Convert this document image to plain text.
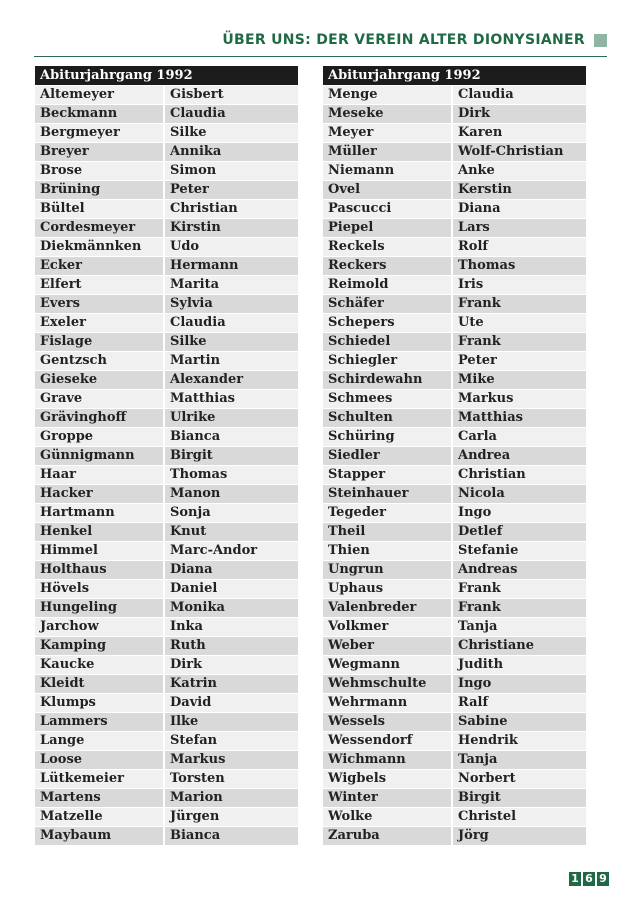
ÜBER UNS: DER VEREIN ALTER DIONYSIANER
Abiturjahrgang 1992
Altemeyer	Gisbert
Beckmann	Claudia
Bergmeyer	Silke
Breyer	Annika
Brose	Simon
Brüning	Peter
Bültel	Christian
Cordesmeyer	Kirstin
Diekmännken	Udo
Ecker	Hermann
Elfert	Marita
Evers	Sylvia
Exeler	Claudia
Fislage	Silke
Gentzsch	Martin
Gieseke	Alexander
Grave	Matthias
Grävinghoff	Ulrike
Groppe	Bianca
Günnigmann	Birgit
Haar	Thomas
Hacker	Manon
Hartmann	Sonja
Henkel	Knut
Himmel	Marc-Andor
Holthaus	Diana
Hövels	Daniel
Hungeling	Monika
Jarchow	Inka
Kamping	Ruth
Kaucke	Dirk
Kleidt	Katrin
Klumps	David
Lammers	Ilke
Lange	Stefan
Loose	Markus
Lütkemeier	Torsten
Martens	Marion
Matzelle	Jürgen
Maybaum	Bianca
Abiturjahrgang 1992
Menge	Claudia
Meseke	Dirk
Meyer	Karen
Müller	Wolf-Christian
Niemann	Anke
Ovel	Kerstin
Pascucci	Diana
Piepel	Lars
Reckels	Rolf
Reckers	Thomas
Reimold	Iris
Schäfer	Frank
Schepers	Ute
Schiedel	Frank
Schiegler	Peter
Schirdewahn	Mike
Schmees	Markus
Schulten	Matthias
Schüring	Carla
Siedler	Andrea
Stapper	Christian
Steinhauer	Nicola
Tegeder	Ingo
Theil	Detlef
Thien	Stefanie
Ungrun	Andreas
Uphaus	Frank
Valenbreder	Frank
Volkmer	Tanja
Weber	Christiane
Wegmann	Judith
Wehmschulte	Ingo
Wehrmann	Ralf
Wessels	Sabine
Wessendorf	Hendrik
Wichmann	Tanja
Wigbels	Norbert
Winter	Birgit
Wolke	Christel
Zaruba	Jörg
1 6 9
